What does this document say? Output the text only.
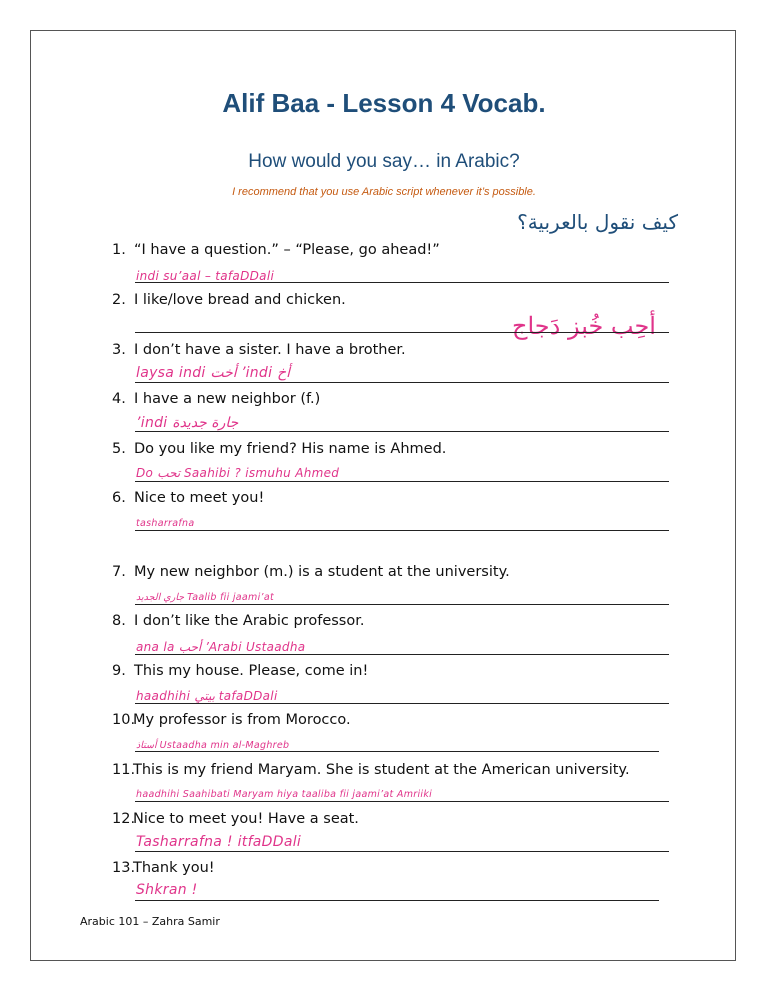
Alif Baa - Lesson 4 Vocab.
How would you say… in Arabic?
I recommend that you use Arabic script whenever it’s possible.
كيف نقول بالعربية؟
1. “I have a question.” – “Please, go ahead!”
indi su’aal – tafaDDali
2. I like/love bread and chicken.
أحِب خُبز دَجاج
3. I don’t have a sister. I have a brother.
laysa indi أخت ’indi أخ
4. I have a new neighbor (f.)
’indi جارة جديدة
5. Do you like my friend? His name is Ahmed.
Do تحب Saahibi ? ismuhu Ahmed
6. Nice to meet you!
tasharrafna
7. My new neighbor (m.) is a student at the university.
جاري الجديد Taalib fii jaami’at
8. I don’t like the Arabic professor.
ana la أحب ’Arabi Ustaadha
9. This my house. Please, come in!
haadhihi بيتي tafaDDali
10.My professor is from Morocco.
أستاذ Ustaadha min al-Maghreb
11.This is my friend Maryam. She is student at the American university.
haadhihi Saahibati Maryam hiya taaliba fii jaami’at Amriiki
12.Nice to meet you! Have a seat.
Tasharrafna ! itfaDDali
13.Thank you!
Shkran !
Arabic 101 – Zahra Samir
